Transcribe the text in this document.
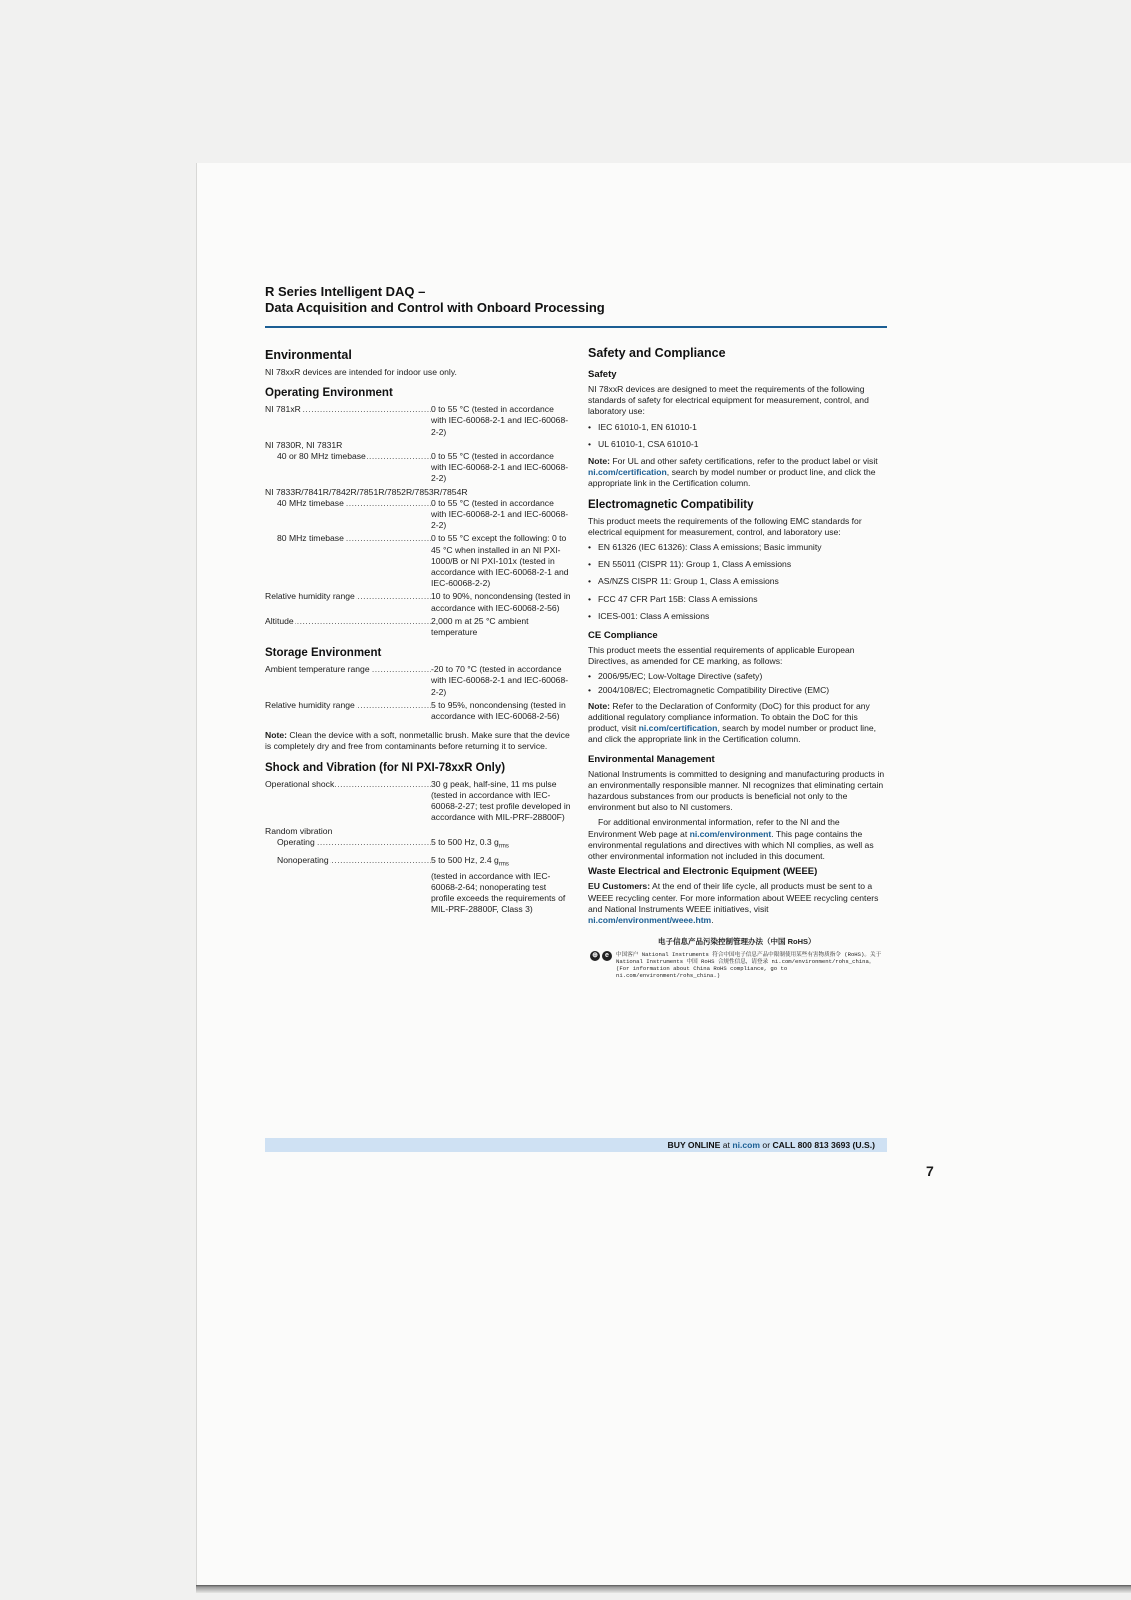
R Series Intelligent DAQ –
Data Acquisition and Control with Onboard Processing
Environmental

NI 78xxR devices are intended for indoor use only.

Operating Environment
NI 781xR .....	0 to 55 °C (tested in accordance with IEC-60068-2-1 and IEC-60068-2-2)
NI 7830R, NI 7831R
40 or 80 MHz timebase .....	0 to 55 °C (tested in accordance with IEC-60068-2-1 and IEC-60068-2-2)
NI 7833R/7841R/7842R/7851R/7852R/7853R/7854R
40 MHz timebase .....	0 to 55 °C (tested in accordance with IEC-60068-2-1 and IEC-60068-2-2)
80 MHz timebase .....	0 to 55 °C except the following: 0 to 45 °C when installed in an NI PXI-1000/B or NI PXI-101x (tested in accordance with IEC-60068-2-1 and IEC-60068-2-2)
Relative humidity range .....	10 to 90%, noncondensing (tested in accordance with IEC-60068-2-56)
Altitude .....	2,000 m at 25 °C ambient temperature
Storage Environment
Ambient temperature range .....	-20 to 70 °C (tested in accordance with IEC-60068-2-1 and IEC-60068-2-2)
Relative humidity range .....	5 to 95%, noncondensing (tested in accordance with IEC-60068-2-56)

Note: Clean the device with a soft, nonmetallic brush. Make sure that the device is completely dry and free from contaminants before returning it to service.

Shock and Vibration (for NI PXI-78xxR Only)
Operational shock .....	30 g peak, half-sine, 11 ms pulse (tested in accordance with IEC-60068-2-27; test profile developed in accordance with MIL-PRF-28800F)
Random vibration
Operating .....	5 to 500 Hz, 0.3 $g_{rms}$
Nonoperating .....	5 to 500 Hz, 2.4 $g_{rms}$
(tested in accordance with IEC-60068-2-64; nonoperating test profile exceeds the requirements of MIL-PRF-28800F, Class 3)
Safety and Compliance
Safety

NI 78xxR devices are designed to meet the requirements of the following standards of safety for electrical equipment for measurement, control, and laboratory use:

• IEC 61010-1, EN 61010-1
• UL 61010-1, CSA 61010-1

Note: For UL and other safety certifications, refer to the product label or visit ni.com/certification, search by model number or product line, and click the appropriate link in the Certification column.

Electromagnetic Compatibility

This product meets the requirements of the following EMC standards for electrical equipment for measurement, control, and laboratory use:

• EN 61326 (IEC 61326): Class A emissions; Basic immunity
• EN 55011 (CISPR 11): Group 1, Class A emissions
• AS/NZS CISPR 11: Group 1, Class A emissions
• FCC 47 CFR Part 15B: Class A emissions
• ICES-001: Class A emissions
CE Compliance

This product meets the essential requirements of applicable European Directives, as amended for CE marking, as follows:

• 2006/95/EC; Low-Voltage Directive (safety)
• 2004/108/EC; Electromagnetic Compatibility Directive (EMC)

Note: Refer to the Declaration of Conformity (DoC) for this product for any additional regulatory compliance information. To obtain the DoC for this product, visit ni.com/certification, search by model number or product line, and click the appropriate link in the Certification column.

Environmental Management

National Instruments is committed to designing and manufacturing products in an environmentally responsible manner. NI recognizes that eliminating certain hazardous substances from our products is beneficial not only to the environment but also to NI customers.

For additional environmental information, refer to the NI and the Environment Web page at ni.com/environment. This page contains the environmental regulations and directives with which NI complies, as well as other environmental information not included in this document.

Waste Electrical and Electronic Equipment (WEEE)

EU Customers: At the end of their life cycle, all products must be sent to a WEEE recycling center. For more information about WEEE recycling centers and National Instruments WEEE initiatives, visit ni.com/environment/weee.htm.

电子信息产品污染控制管理办法（中国 RoHS）
⊕	e	中国客户 National Instruments 符合中国电子信息产品中限制使用某些有害物质指令 (RoHS)。关于 National Instruments 中国 RoHS 合规性信息，请登录 ni.com/environment/rohs_china。 (For information about China RoHS compliance, go to ni.com/environment/rohs_china.)
BUY ONLINE at ni.com or CALL 800 813 3693 (U.S.)
7
